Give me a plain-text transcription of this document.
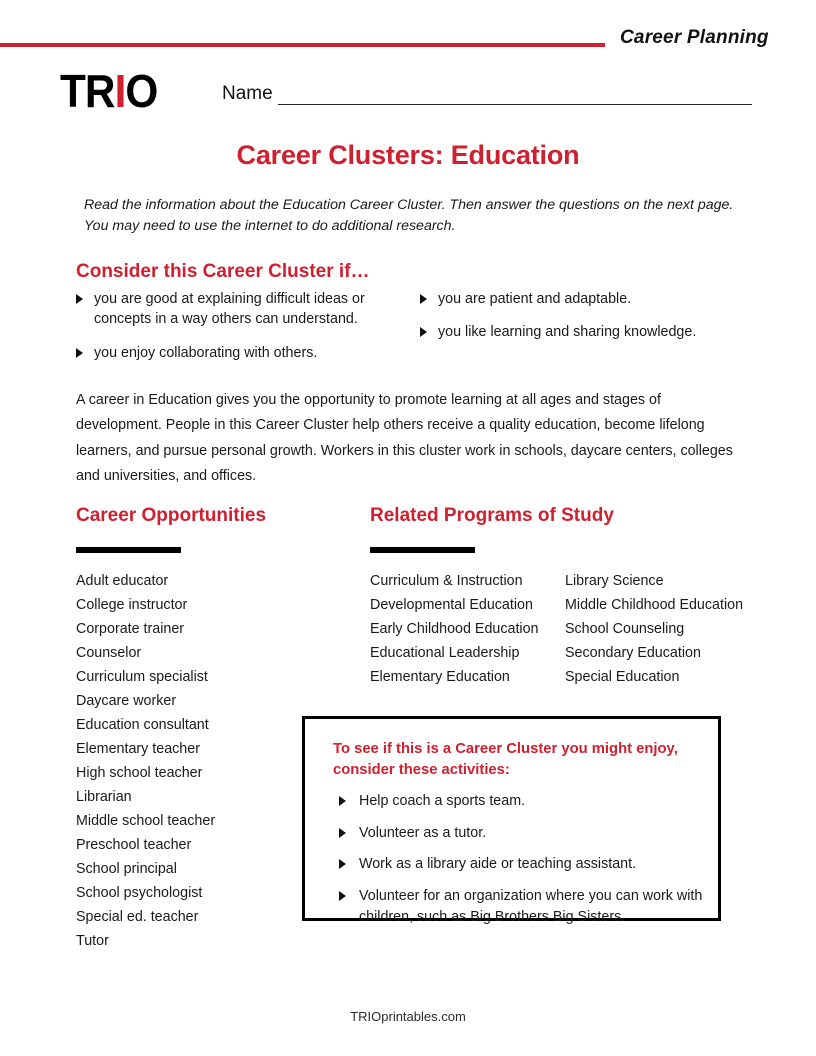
Career Planning
TRIO	Name
Career Clusters: Education
Read the information about the Education Career Cluster. Then answer the questions on the next page. You may need to use the internet to do additional research.
Consider this Career Cluster if…
you are good at explaining difficult ideas or concepts in a way others can understand.
you enjoy collaborating with others.
you are patient and adaptable.
you like learning and sharing knowledge.
A career in Education gives you the opportunity to promote learning at all ages and stages of development. People in this Career Cluster help others receive a quality education, become lifelong learners, and pursue personal growth. Workers in this cluster work in schools, daycare centers, colleges and universities, and offices.
Career Opportunities
Adult educator
College instructor
Corporate trainer
Counselor
Curriculum specialist
Daycare worker
Education consultant
Elementary teacher
High school teacher
Librarian
Middle school teacher
Preschool teacher
School principal
School psychologist
Special ed. teacher
Tutor
Related Programs of Study
Curriculum & Instruction
Developmental Education
Early Childhood Education
Educational Leadership
Elementary Education
Library Science
Middle Childhood Education
School Counseling
Secondary Education
Special Education
To see if this is a Career Cluster you might enjoy, consider these activities:
Help coach a sports team.
Volunteer as a tutor.
Work as a library aide or teaching assistant.
Volunteer for an organization where you can work with children, such as Big Brothers Big Sisters.
TRIOprintables.com
